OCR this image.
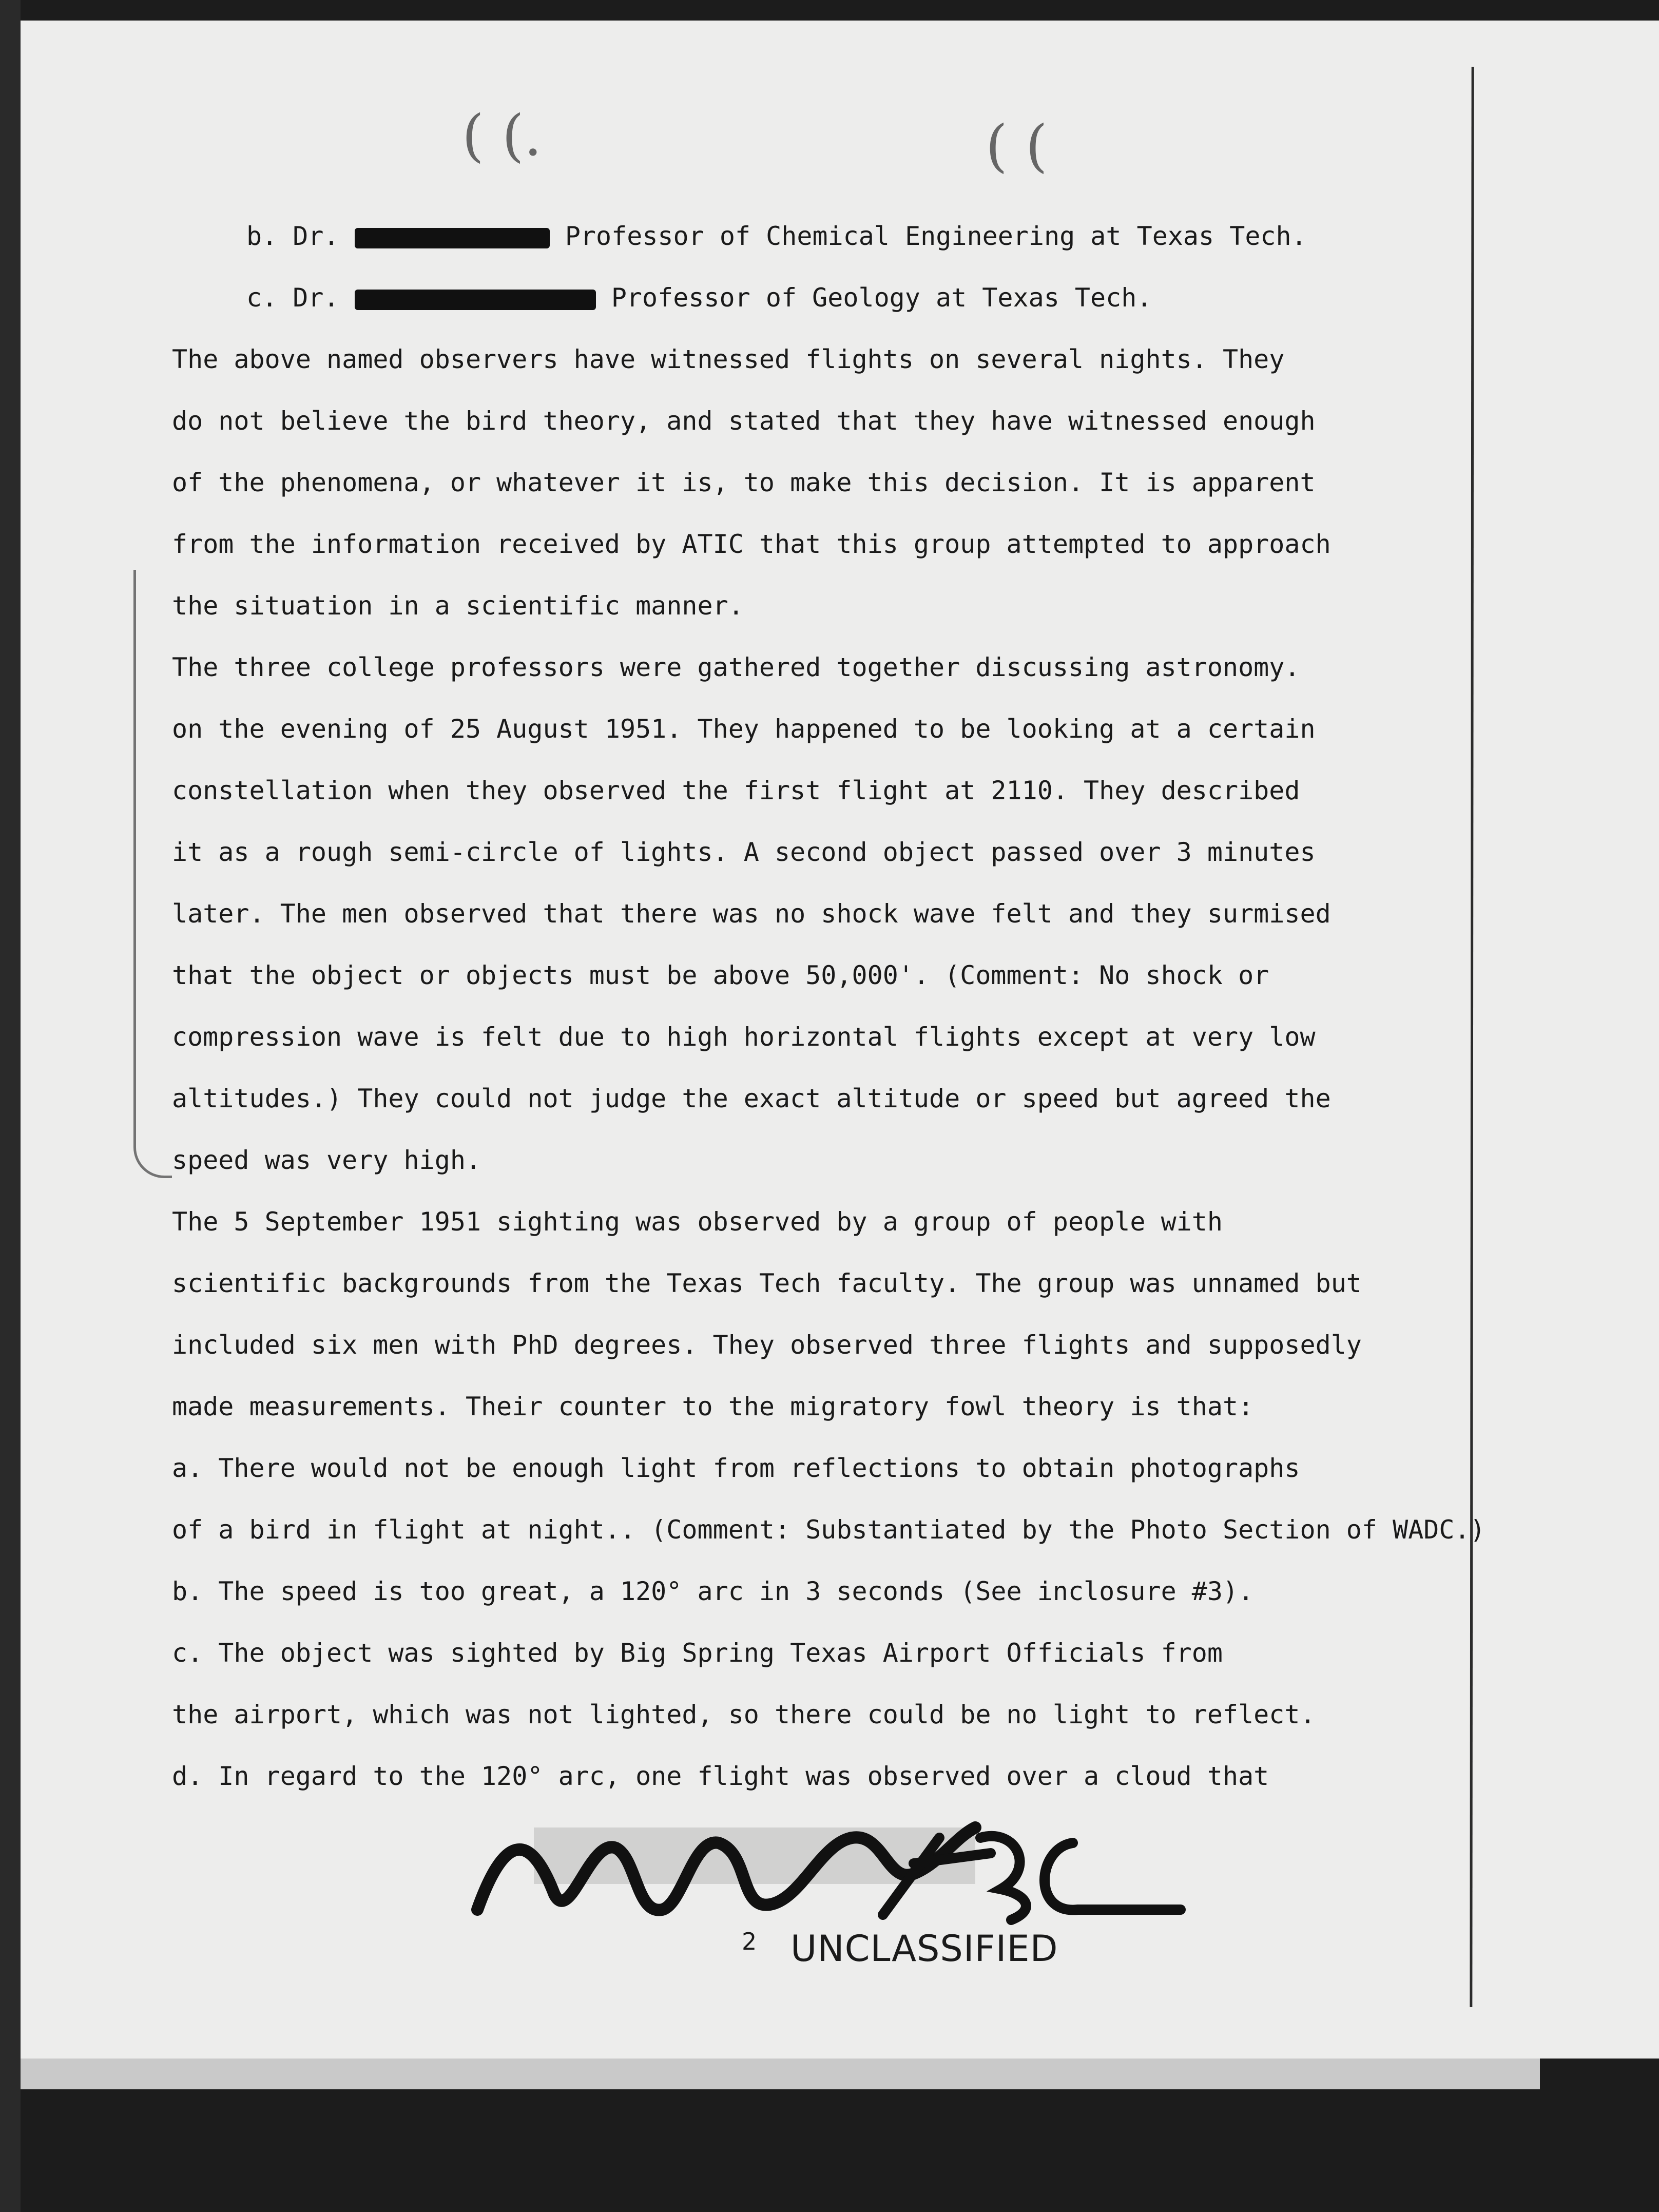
( (.	( (

b. Dr.	Professor of Chemical Engineering at Texas Tech.

c. Dr.	Professor of Geology at Texas Tech.

The above named observers have witnessed flights on several nights. They

do not believe the bird theory, and stated that they have witnessed enough

of the phenomena, or whatever it is, to make this decision. It is apparent

from the information received by ATIC that this group attempted to approach

the situation in a scientific manner.

The three college professors were gathered together discussing astronomy.

on the evening of 25 August 1951. They happened to be looking at a certain

constellation when they observed the first flight at 2110. They described

it as a rough semi-circle of lights. A second object passed over 3 minutes

later. The men observed that there was no shock wave felt and they surmised

that the object or objects must be above 50,000'. (Comment: No shock or

compression wave is felt due to high horizontal flights except at very low

altitudes.) They could not judge the exact altitude or speed but agreed the

speed was very high.

The 5 September 1951 sighting was observed by a group of people with

scientific backgrounds from the Texas Tech faculty. The group was unnamed but

included six men with PhD degrees. They observed three flights and supposedly

made measurements. Their counter to the migratory fowl theory is that:

a. There would not be enough light from reflections to obtain photographs

of a bird in flight at night.. (Comment: Substantiated by the Photo Section of WADC.)

b. The speed is too great, a 120° arc in 3 seconds (See inclosure #3).

c. The object was sighted by Big Spring Texas Airport Officials from

the airport, which was not lighted, so there could be no light to reflect.

d. In regard to the 120° arc, one flight was observed over a cloud that

2 UNCLASSIFIED
